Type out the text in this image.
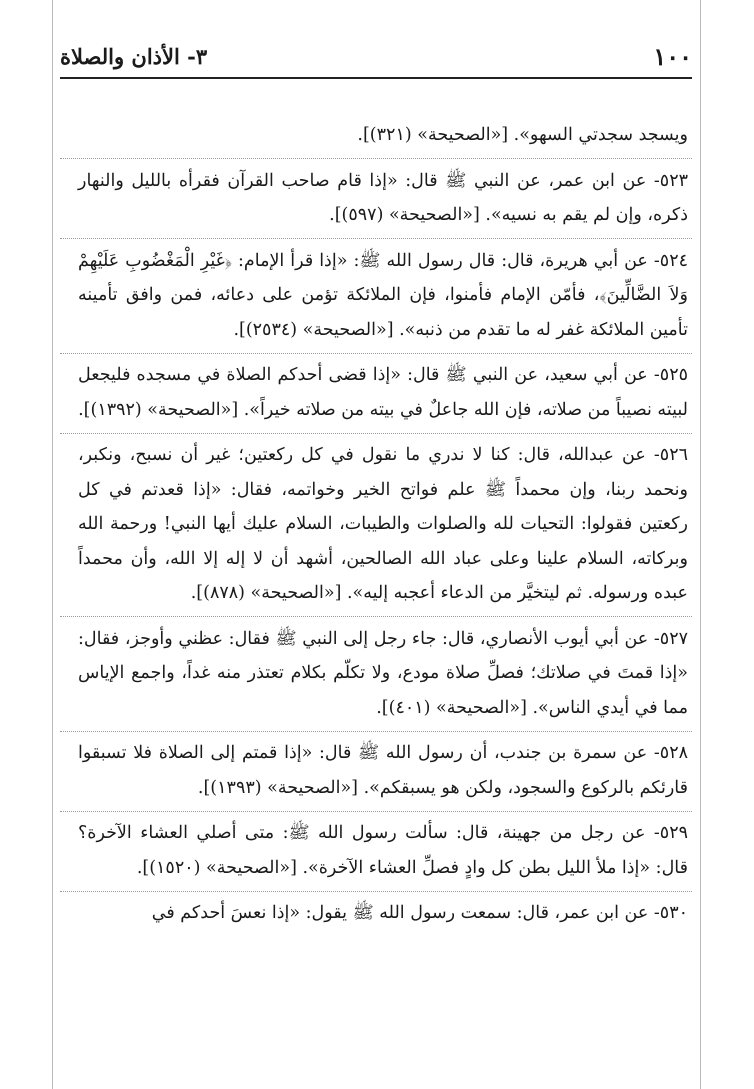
١٠٠
٣- الأذان والصلاة

ويسجد سجدتي السهو». [«الصحيحة» (٣٢١)].

٥٢٣- عن ابن عمر، عن النبي ﷺ قال: «إذا قام صاحب القرآن فقرأه بالليل والنهار ذكره، وإن لم يقم به نسيه». [«الصحيحة» (٥٩٧)].

٥٢٤- عن أبي هريرة، قال: قال رسول الله ﷺ: «إذا قرأ الإمام: ﴿غَيْرِ الْمَغْضُوبِ عَلَيْهِمْ وَلاَ الضَّالِّينَ﴾، فأمّن الإمام فأمنوا، فإن الملائكة تؤمن على دعائه، فمن وافق تأمينه تأمين الملائكة غفر له ما تقدم من ذنبه». [«الصحيحة» (٢٥٣٤)].

٥٢٥- عن أبي سعيد، عن النبي ﷺ قال: «إذا قضى أحدكم الصلاة في مسجده فليجعل لبيته نصيباً من صلاته، فإن الله جاعلٌ في بيته من صلاته خيراً». [«الصحيحة» (١٣٩٢)].

٥٢٦- عن عبدالله، قال: كنا لا ندري ما نقول في كل ركعتين؛ غير أن نسبح، ونكبر، ونحمد ربنا، وإن محمداً ﷺ علم فواتح الخير وخواتمه، فقال: «إذا قعدتم في كل ركعتين فقولوا: التحيات لله والصلوات والطيبات، السلام عليك أيها النبي! ورحمة الله وبركاته، السلام علينا وعلى عباد الله الصالحين، أشهد أن لا إله إلا الله، وأن محمداً عبده ورسوله. ثم ليتخيَّر من الدعاء أعجبه إليه». [«الصحيحة» (٨٧٨)].

٥٢٧- عن أبي أيوب الأنصاري، قال: جاء رجل إلى النبي ﷺ فقال: عظني وأوجز، فقال: «إذا قمتَ في صلاتك؛ فصلِّ صلاة مودع، ولا تكلّم بكلام تعتذر منه غداً، واجمع الإياس مما في أيدي الناس». [«الصحيحة» (٤٠١)].

٥٢٨- عن سمرة بن جندب، أن رسول الله ﷺ قال: «إذا قمتم إلى الصلاة فلا تسبقوا قارئكم بالركوع والسجود، ولكن هو يسبقكم». [«الصحيحة» (١٣٩٣)].

٥٢٩- عن رجل من جهينة، قال: سألت رسول الله ﷺ: متى أصلي العشاء الآخرة؟ قال: «إذا ملأ الليل بطن كل وادٍ فصلِّ العشاء الآخرة». [«الصحيحة» (١٥٢٠)].

٥٣٠- عن ابن عمر، قال: سمعت رسول الله ﷺ يقول: «إذا نعسَ أحدكم في
